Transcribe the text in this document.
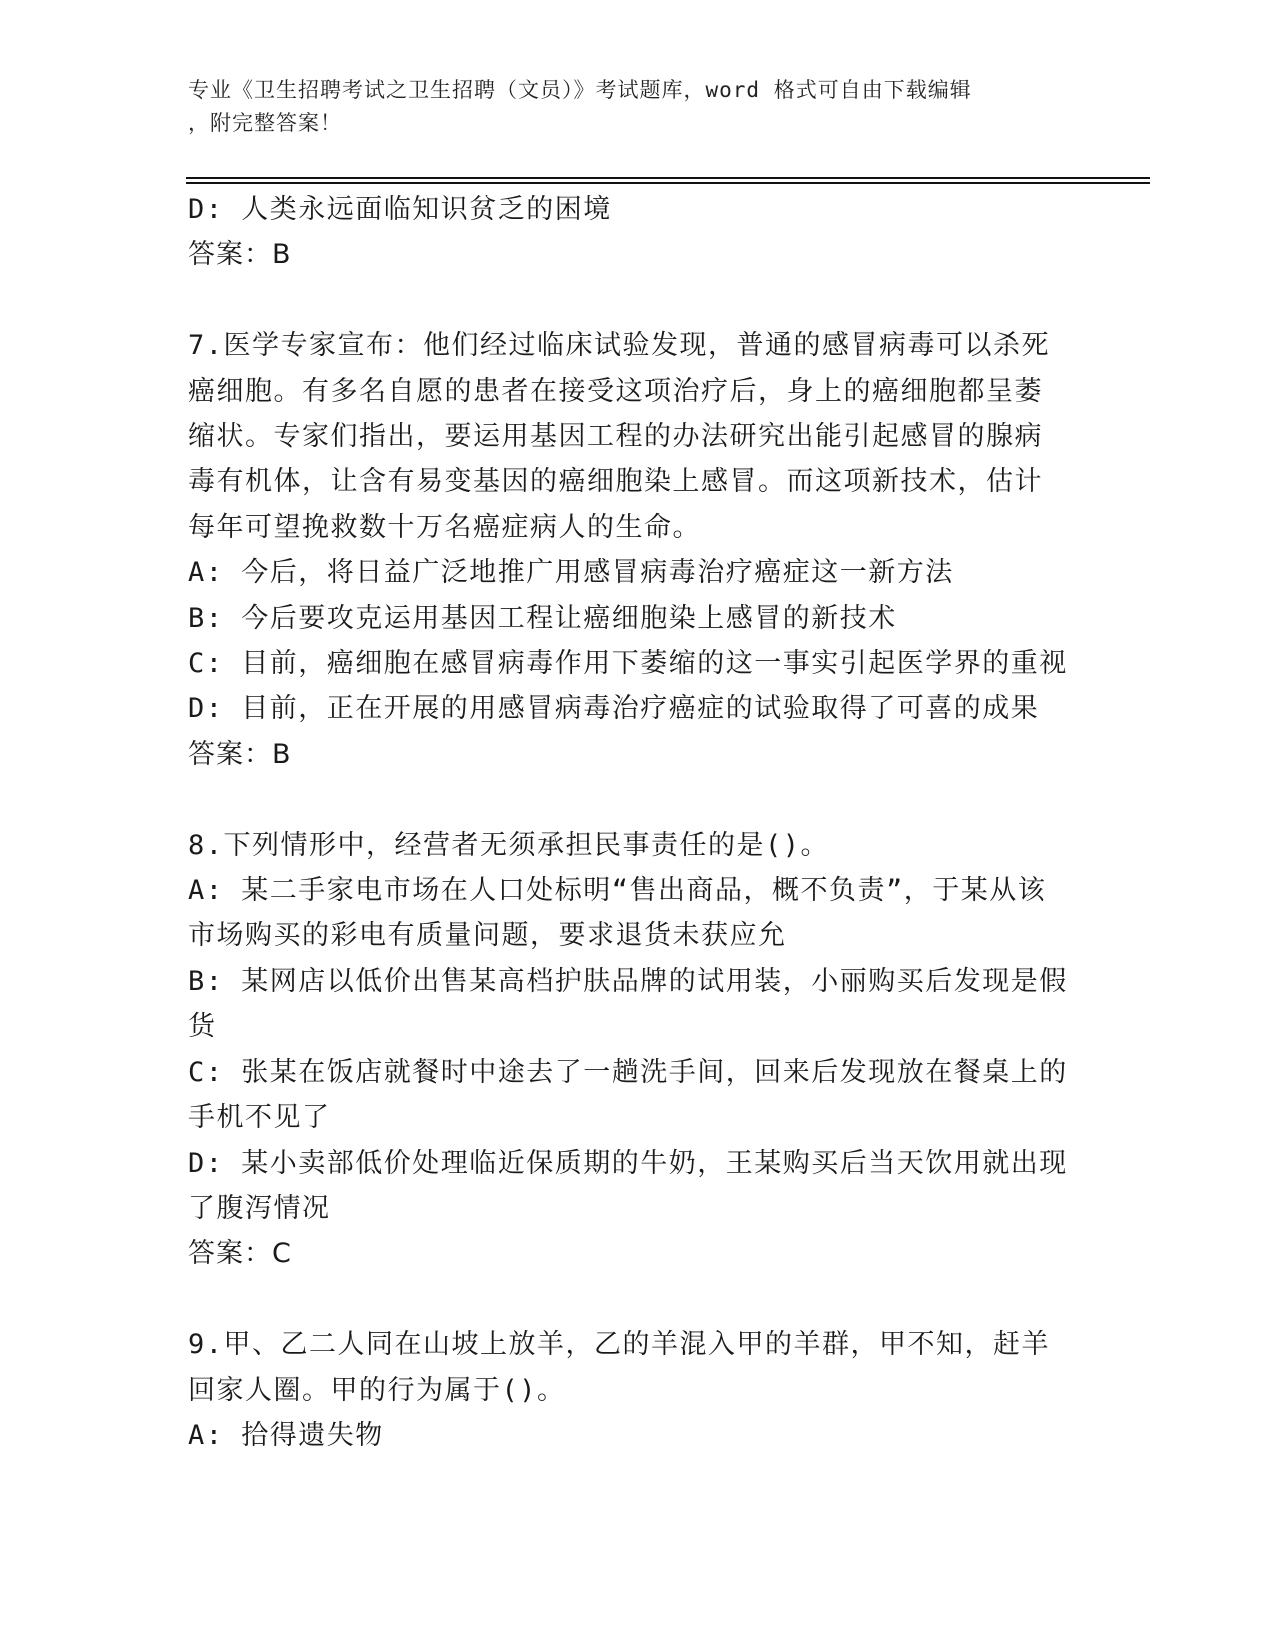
专业《卫生招聘考试之卫生招聘（文员）》考试题库，word 格式可自由下载编辑
，附完整答案！
D: 人类永远面临知识贫乏的困境
答案：B
7.医学专家宣布：他们经过临床试验发现，普通的感冒病毒可以杀死
癌细胞。有多名自愿的患者在接受这项治疗后，身上的癌细胞都呈萎
缩状。专家们指出，要运用基因工程的办法研究出能引起感冒的腺病
毒有机体，让含有易变基因的癌细胞染上感冒。而这项新技术，估计
每年可望挽救数十万名癌症病人的生命。
A: 今后，将日益广泛地推广用感冒病毒治疗癌症这一新方法
B: 今后要攻克运用基因工程让癌细胞染上感冒的新技术
C: 目前，癌细胞在感冒病毒作用下萎缩的这一事实引起医学界的重视
D: 目前，正在开展的用感冒病毒治疗癌症的试验取得了可喜的成果
答案：B
8.下列情形中，经营者无须承担民事责任的是()。
A: 某二手家电市场在人口处标明“售出商品，概不负责”，于某从该
市场购买的彩电有质量问题，要求退货未获应允
B: 某网店以低价出售某高档护肤品牌的试用装，小丽购买后发现是假
货
C: 张某在饭店就餐时中途去了一趟洗手间，回来后发现放在餐桌上的
手机不见了
D: 某小卖部低价处理临近保质期的牛奶，王某购买后当天饮用就出现
了腹泻情况
答案：C
9.甲、乙二人同在山坡上放羊，乙的羊混入甲的羊群，甲不知，赶羊
回家人圈。甲的行为属于()。
A: 拾得遗失物
